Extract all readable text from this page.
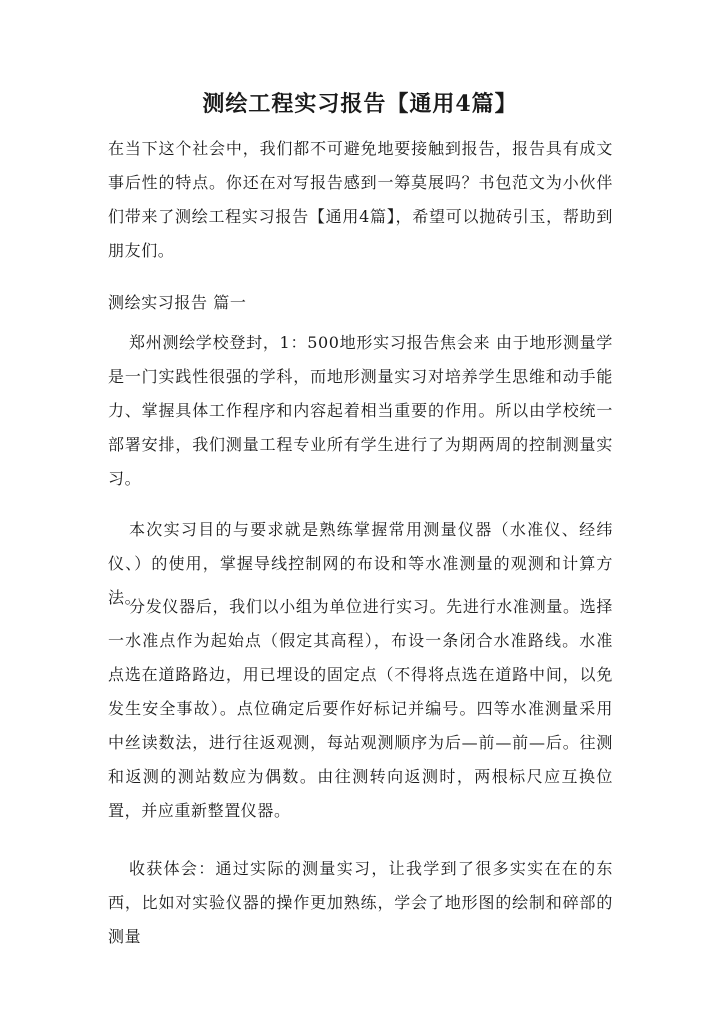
测绘工程实习报告【通用4篇】

在当下这个社会中，我们都不可避免地要接触到报告，报告具有成文事后性的特点。你还在对写报告感到一筹莫展吗？书包范文为小伙伴们带来了测绘工程实习报告【通用4篇】，希望可以抛砖引玉，帮助到朋友们。

测绘实习报告 篇一

郑州测绘学校登封，1：500地形实习报告焦会来 由于地形测量学是一门实践性很强的学科，而地形测量实习对培养学生思维和动手能力、掌握具体工作程序和内容起着相当重要的作用。所以由学校统一部署安排，我们测量工程专业所有学生进行了为期两周的控制测量实习。

本次实习目的与要求就是熟练掌握常用测量仪器（水准仪、经纬仪、）的使用，掌握导线控制网的布设和等水准测量的观测和计算方法。

分发仪器后，我们以小组为单位进行实习。先进行水准测量。选择一水准点作为起始点（假定其高程），布设一条闭合水准路线。水准点选在道路路边，用已埋设的固定点（不得将点选在道路中间，以免发生安全事故）。点位确定后要作好标记并编号。四等水准测量采用中丝读数法，进行往返观测，每站观测顺序为后—前—前—后。往测和返测的测站数应为偶数。由往测转向返测时，两根标尺应互换位置，并应重新整置仪器。

收获体会：通过实际的测量实习，让我学到了很多实实在在的东西，比如对实验仪器的操作更加熟练，学会了地形图的绘制和碎部的测量
